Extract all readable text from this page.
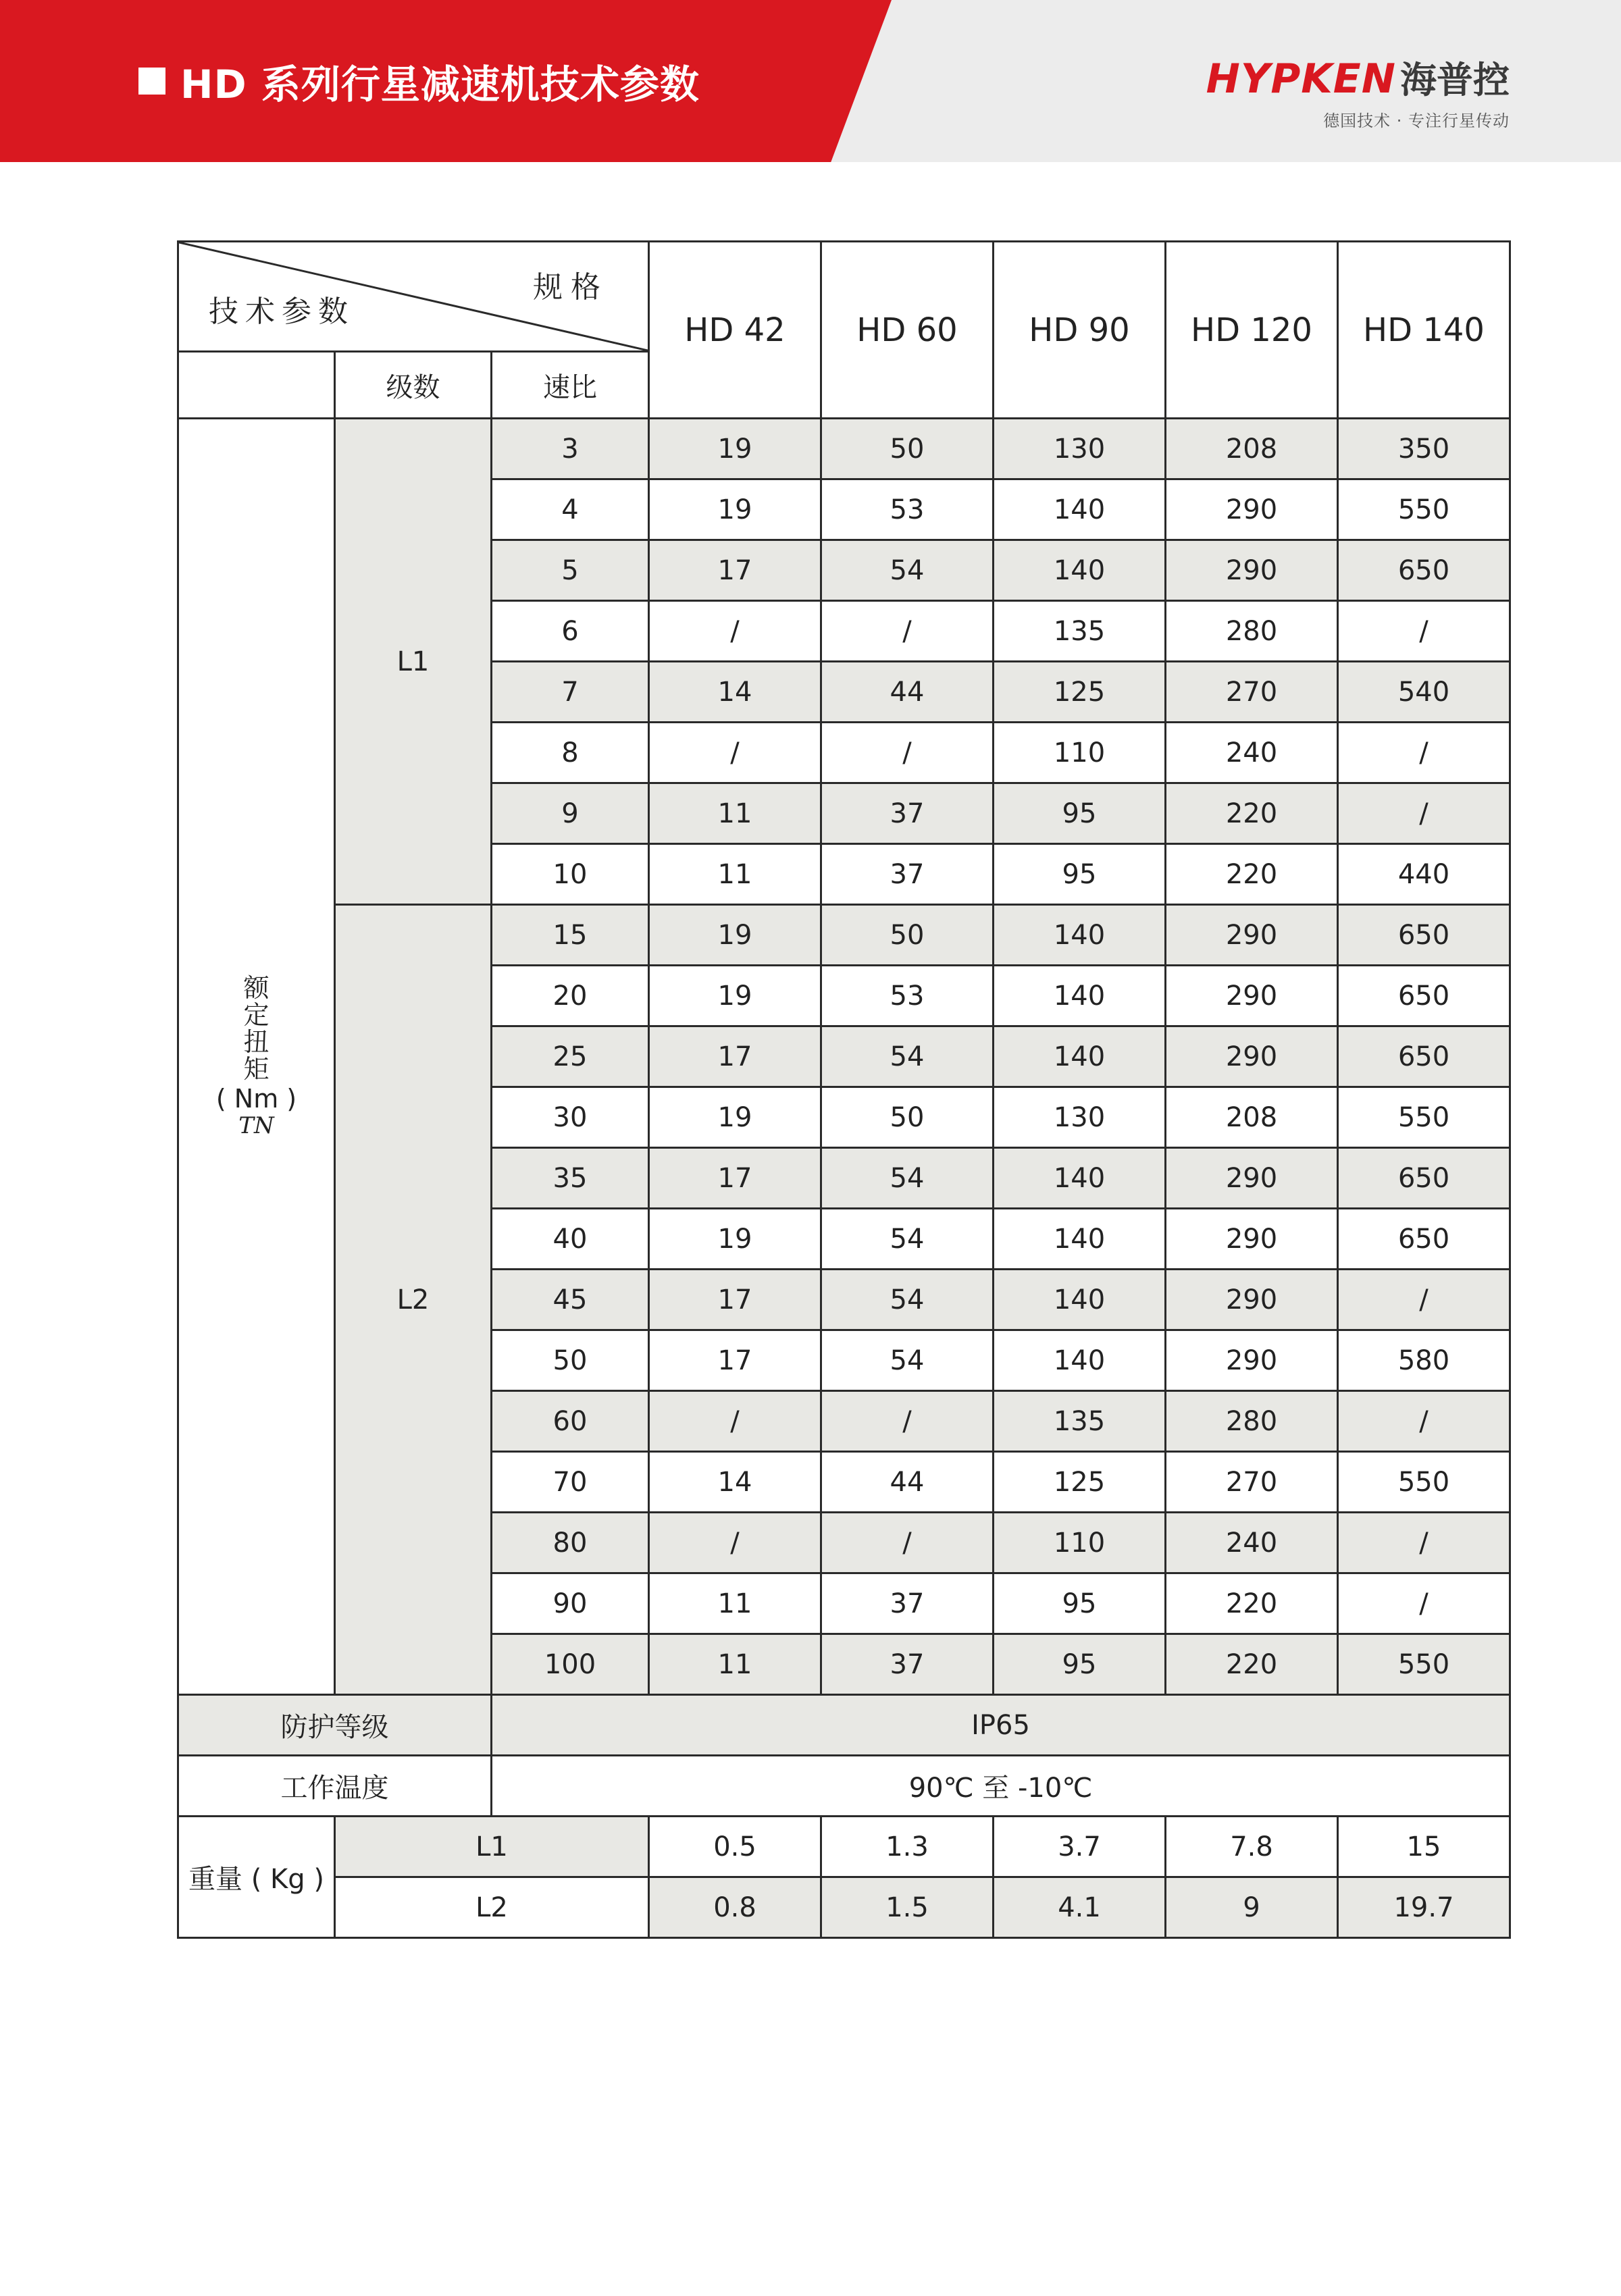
HD 系列行星减速机技术参数	HYPKEN 海普控
德国技术 · 专注行星传动
规格
技术参数			HD 42	HD 60	HD 90	HD 120	HD 140
	级数	速比					

额定扭矩
( Nm )
TN	L1	3	19	50	130	208	350
		4	19	53	140	290	550
		5	17	54	140	290	650
		6	/	/	135	280	/
		7	14	44	125	270	540
		8	/	/	110	240	/
		9	11	37	95	220	/
		10	11	37	95	220	440
	L2	15	19	50	140	290	650
		20	19	53	140	290	650
		25	17	54	140	290	650
		30	19	50	130	208	550
		35	17	54	140	290	650
		40	19	54	140	290	650
		45	17	54	140	290	/
		50	17	54	140	290	580
		60	/	/	135	280	/
		70	14	44	125	270	550
		80	/	/	110	240	/
		90	11	37	95	220	/
		100	11	37	95	220	550
防护等级		IP65					
工作温度		90℃ 至 -10℃					
重量 ( Kg )	L1		0.5	1.3	3.7	7.8	15
	L2		0.8	1.5	4.1	9	19.7
